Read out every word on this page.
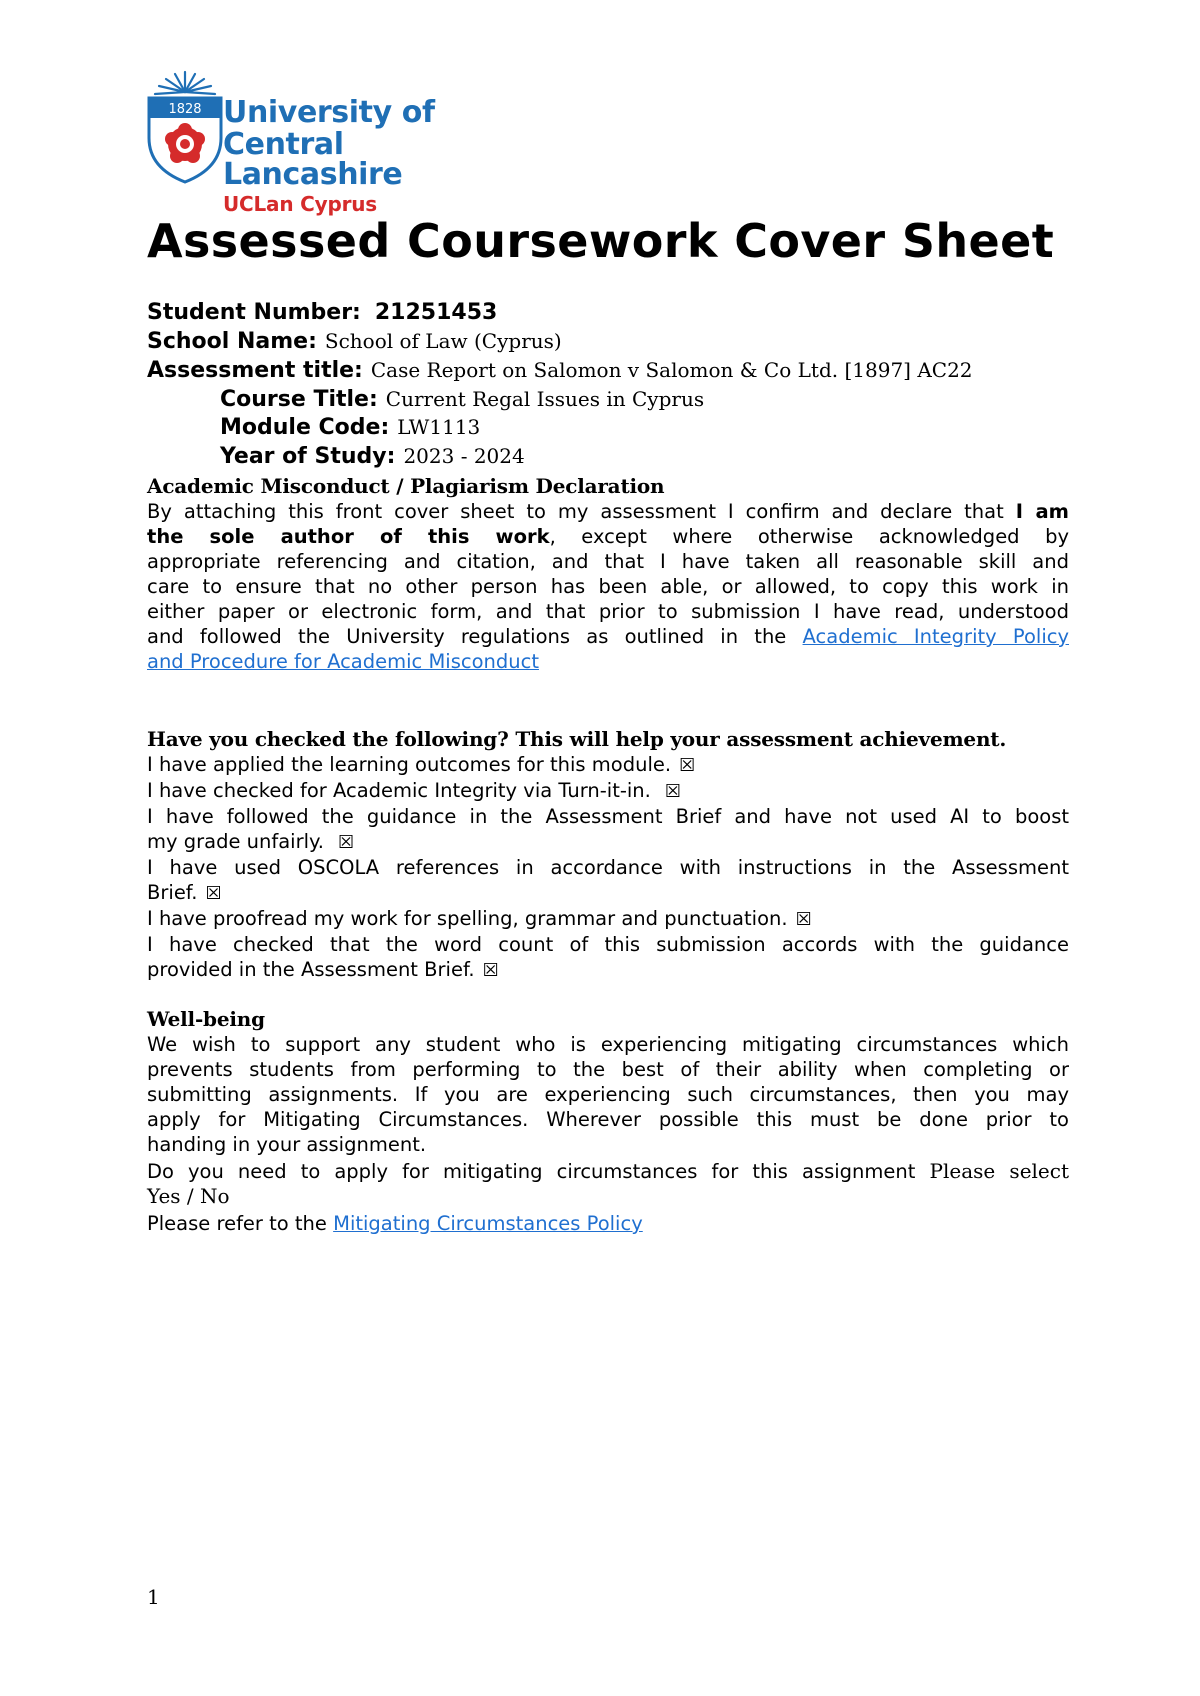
1828 University of
Central Lancashire
UCLan Cyprus
Assessed Coursework Cover Sheet
Student Number: 21251453
School Name: School of Law (Cyprus)
Assessment title: Case Report on Salomon v Salomon & Co Ltd. [1897] AC22
Course Title: Current Regal Issues in Cyprus
Module Code: LW1113
Year of Study: 2023 - 2024
Academic Misconduct / Plagiarism Declaration
By attaching this front cover sheet to my assessment I confirm and declare that I am
the sole author of this work, except where otherwise acknowledged by
appropriate referencing and citation, and that I have taken all reasonable skill and
care to ensure that no other person has been able, or allowed, to copy this work in
either paper or electronic form, and that prior to submission I have read, understood
and followed the University regulations as outlined in the Academic Integrity Policy
and Procedure for Academic Misconduct
Have you checked the following? This will help your assessment achievement.
I have applied the learning outcomes for this module. ☒
I have checked for Academic Integrity via Turn-it-in. ☒
I have followed the guidance in the Assessment Brief and have not used AI to boost
my grade unfairly. ☒
I have used OSCOLA references in accordance with instructions in the Assessment
Brief. ☒
I have proofread my work for spelling, grammar and punctuation. ☒
I have checked that the word count of this submission accords with the guidance
provided in the Assessment Brief. ☒
Well-being
We wish to support any student who is experiencing mitigating circumstances which
prevents students from performing to the best of their ability when completing or
submitting assignments. If you are experiencing such circumstances, then you may
apply for Mitigating Circumstances. Wherever possible this must be done prior to
handing in your assignment.
Do you need to apply for mitigating circumstances for this assignment Please select
Yes / No
Please refer to the Mitigating Circumstances Policy
1
